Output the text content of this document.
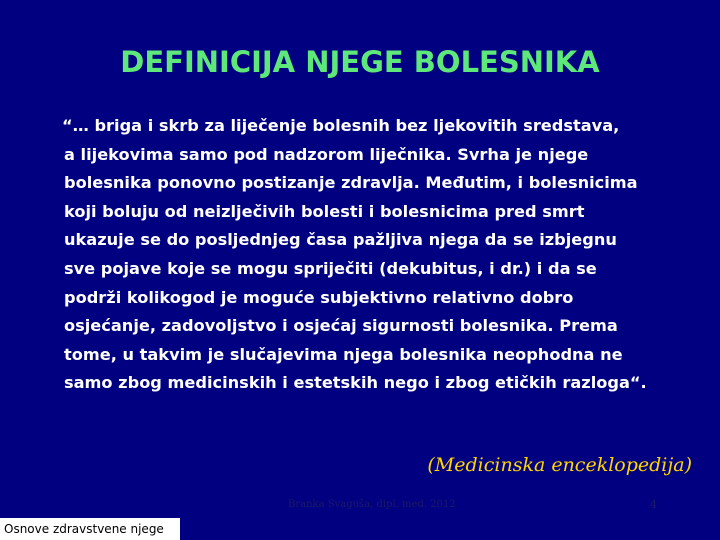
DEFINICIJA NJEGE BOLESNIKA
“… briga i skrb za liječenje bolesnih bez ljekovitih sredstava,
a lijekovima samo pod nadzorom liječnika. Svrha je njege
bolesnika ponovno postizanje zdravlja. Međutim, i bolesnicima
koji boluju od neizlječivih bolesti i bolesnicima pred smrt
ukazuje se do posljednjeg časa pažljiva njega da se izbjegnu
sve pojave koje se mogu spriječiti (dekubitus, i dr.) i da se
podrži kolikogod je moguće subjektivno relativno dobro
osjećanje, zadovoljstvo i osjećaj sigurnosti bolesnika. Prema
tome, u takvim je slučajevima njega bolesnika neophodna ne
samo zbog medicinskih i estetskih nego i zbog etičkih razloga“.
(Medicinska enceklopedija)
Branka Svaguša, dipl. med. 2012	4
Osnove zdravstvene njege
